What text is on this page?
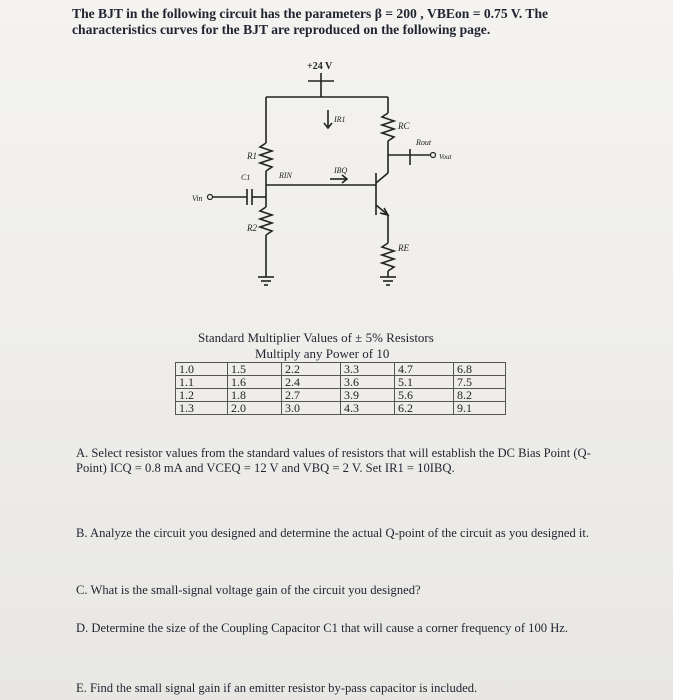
The BJT in the following circuit has the parameters β = 200 , VBEon = 0.75 V. The characteristics curves for the BJT are reproduced on the following page.
+24 V
Vin
C1	RIN
R1
R2
IR1
IBQ
RC
Rout
Vout
RE
Standard Multiplier Values of ± 5% Resistors
Multiply any Power of 10
1.0	1.5	2.2	3.3	4.7	6.8
1.1	1.6	2.4	3.6	5.1	7.5
1.2	1.8	2.7	3.9	5.6	8.2
1.3	2.0	3.0	4.3	6.2	9.1
A. Select resistor values from the standard values of resistors that will establish the DC Bias Point (Q-Point) ICQ = 0.8 mA and VCEQ = 12 V and VBQ = 2 V. Set IR1 = 10IBQ.
B. Analyze the circuit you designed and determine the actual Q-point of the circuit as you designed it.
C. What is the small-signal voltage gain of the circuit you designed?
D. Determine the size of the Coupling Capacitor C1 that will cause a corner frequency of 100 Hz.
E. Find the small signal gain if an emitter resistor by-pass capacitor is included.
